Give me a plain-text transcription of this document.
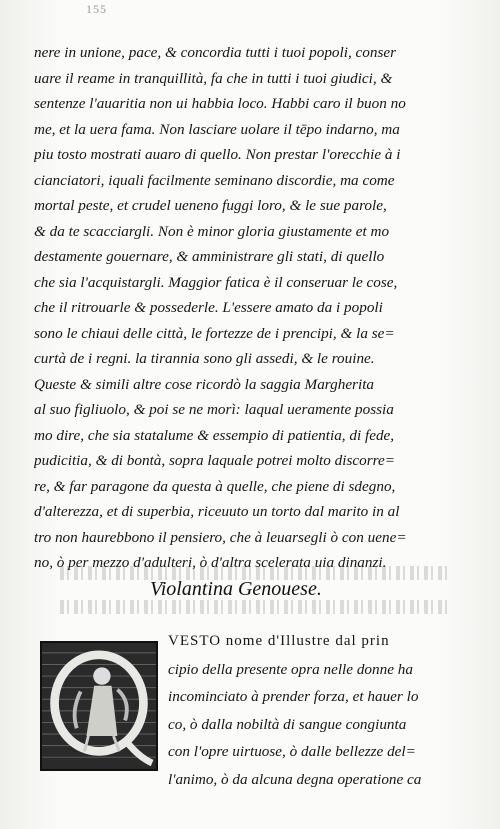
155
nere in unione, pace, & concordia tutti i tuoi popoli, conser
uare il reame in tranquillità, fa che in tutti i tuoi giudici, &
sentenze l'auaritia non ui habbia loco. Habbi caro il buon no
me, et la uera fama. Non lasciare uolare il tēpo indarno, ma
piu tosto mostrati auaro di quello. Non prestar l'orecchie à i
cianciatori, iquali facilmente seminano discordie, ma come
mortal peste, et crudel ueneno fuggi loro, & le sue parole,
& da te scacciargli. Non è minor gloria giustamente et mo
destamente gouernare, & amministrare gli stati, di quello
che sia l'acquistargli. Maggior fatica è il conseruar le cose,
che il ritrouarle & possederle. L'essere amato da i popoli
sono le chiaui delle città, le fortezze de i prencipi, & la se=
curtà de i regni. la tirannia sono gli assedi, & le rouine.
Queste & simili altre cose ricordò la saggia Margherita
al suo figliuolo, & poi se ne morì: laqual ueramente possia
mo dire, che sia statalume & essempio di patientia, di fede,
pudicitia, & di bontà, sopra laquale potrei molto discorre=
re, & far paragone da questa à quelle, che piene di sdegno,
d'alterezza, et di superbia, riceuuto un torto dal marito in al
tro non haurebbono il pensiero, che à leuarsegli ò con uene=
no, ò per mezzo d'adulteri, ò d'altra scelerata uia dinanzi.
Violantina Genouese.
VESTO nome d'Illustre dal prin
cipio della presente opra nelle donne ha
incominciato à prender forza, et hauer lo
co, ò dalla nobiltà di sangue congiunta
con l'opre uirtuose, ò dalle bellezze del=
l'animo, ò da alcuna degna operatione ca
